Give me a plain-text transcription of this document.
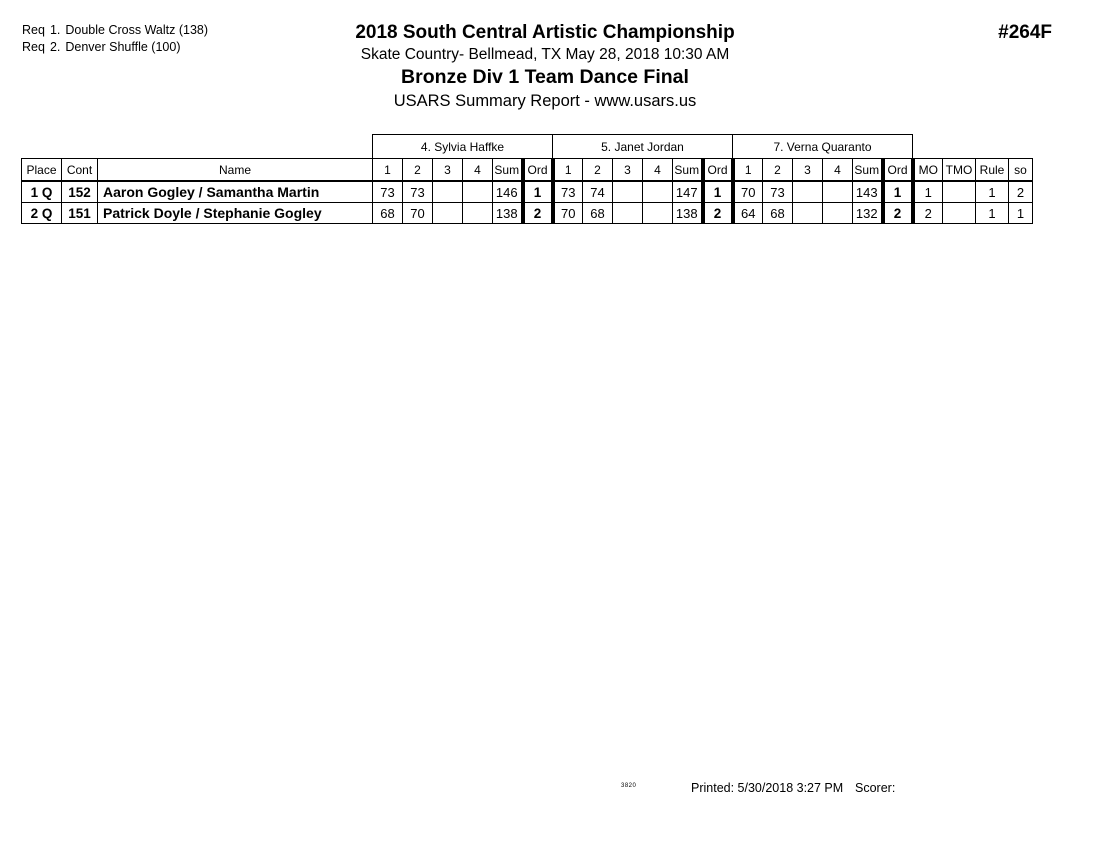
Req 1. Double Cross Waltz (138)
Req 2. Denver Shuffle (100)
#264F
2018 South Central Artistic Championship
Skate Country- Bellmead, TX May 28, 2018 10:30 AM
Bronze Div 1 Team Dance Final
USARS Summary Report - www.usars.us
			4. Sylvia Haffke						5. Janet Jordan						7. Verna Quaranto									
Place	Cont	Name	1	2	3	4	Sum	Ord	1	2	3	4	Sum	Ord	1	2	3	4	Sum	Ord	MO	TMO	Rule	so
1 Q	152	Aaron Gogley / Samantha Martin	73	73			146	1	73	74			147	1	70	73			143	1	1		1	2
2 Q	151	Patrick Doyle / Stephanie Gogley	68	70			138	2	70	68			138	2	64	68			132	2	2		1	1
3820	Printed: 5/30/2018 3:27 PM Scorer:
